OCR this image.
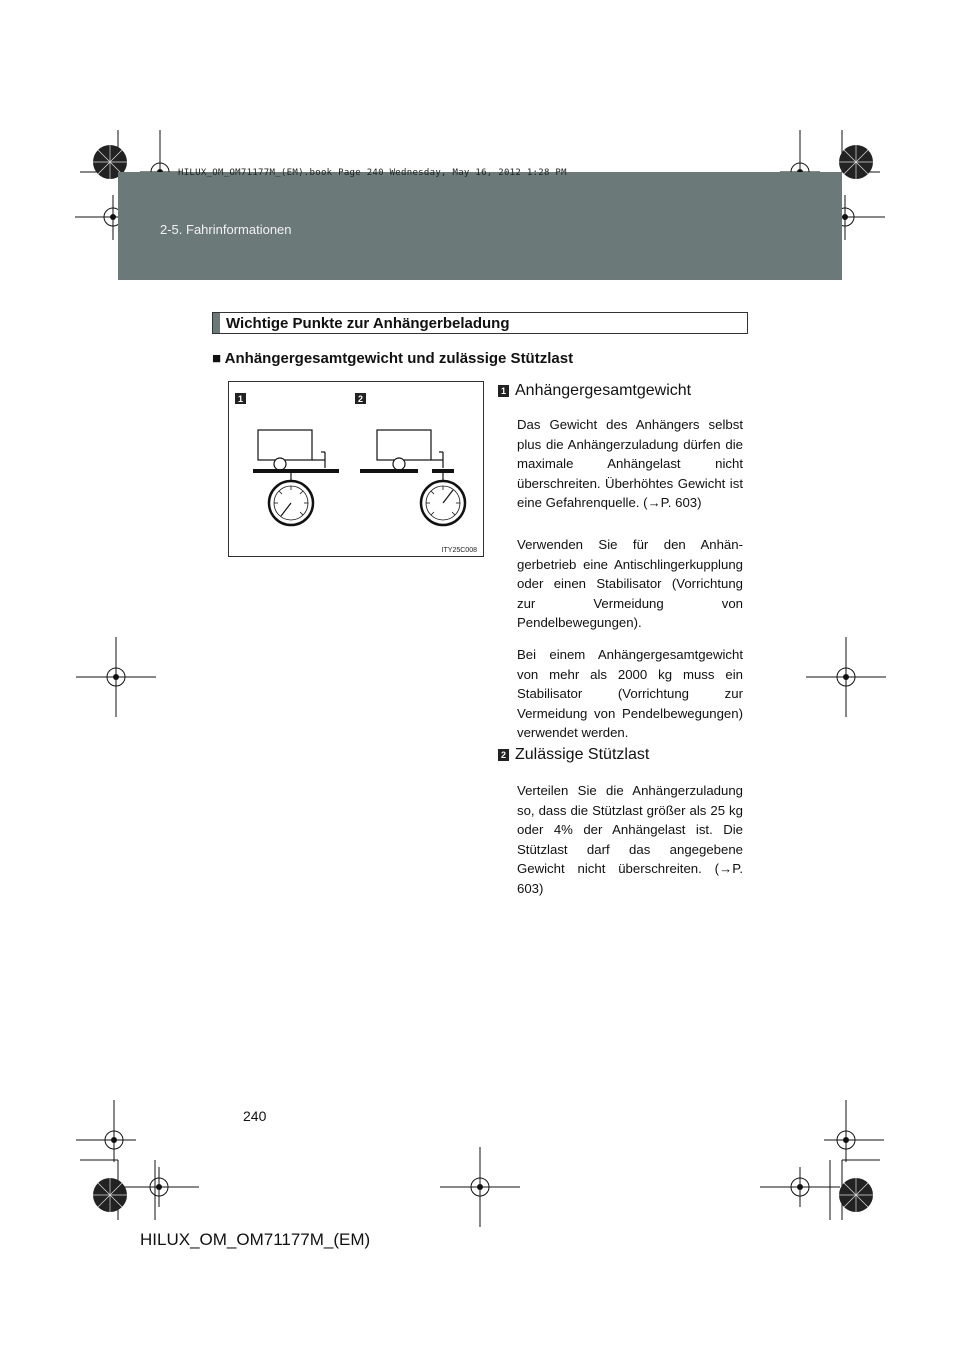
2-5. Fahrinformationen
HILUX_OM_OM71177M_(EM).book Page 240 Wednesday, May 16, 2012 1:28 PM
Wichtige Punkte zur Anhängerbeladung
■ Anhängergesamtgewicht und zulässige Stützlast
1	2
ITY25C008
1 Anhängergesamtgewicht
Das Gewicht des Anhängers selbst plus die Anhängerzuladung dürfen die maximale Anhängelast nicht überschreiten. Überhöhtes Gewicht ist eine Gefahrenquelle. (→P. 603)
Verwenden Sie für den Anhängerbetrieb eine Antischlingerkupplung oder einen Stabilisator (Vorrichtung zur Vermeidung von Pendelbewegungen).
Bei einem Anhängergesamtgewicht von mehr als 2000 kg muss ein Stabilisator (Vorrichtung zur Vermeidung von Pendelbewegungen) verwendet werden.
2 Zulässige Stützlast
Verteilen Sie die Anhängerzuladung so, dass die Stützlast größer als 25 kg oder 4% der Anhängelast ist. Die Stützlast darf das angegebene Gewicht nicht überschreiten. (→P. 603)
240
HILUX_OM_OM71177M_(EM)
